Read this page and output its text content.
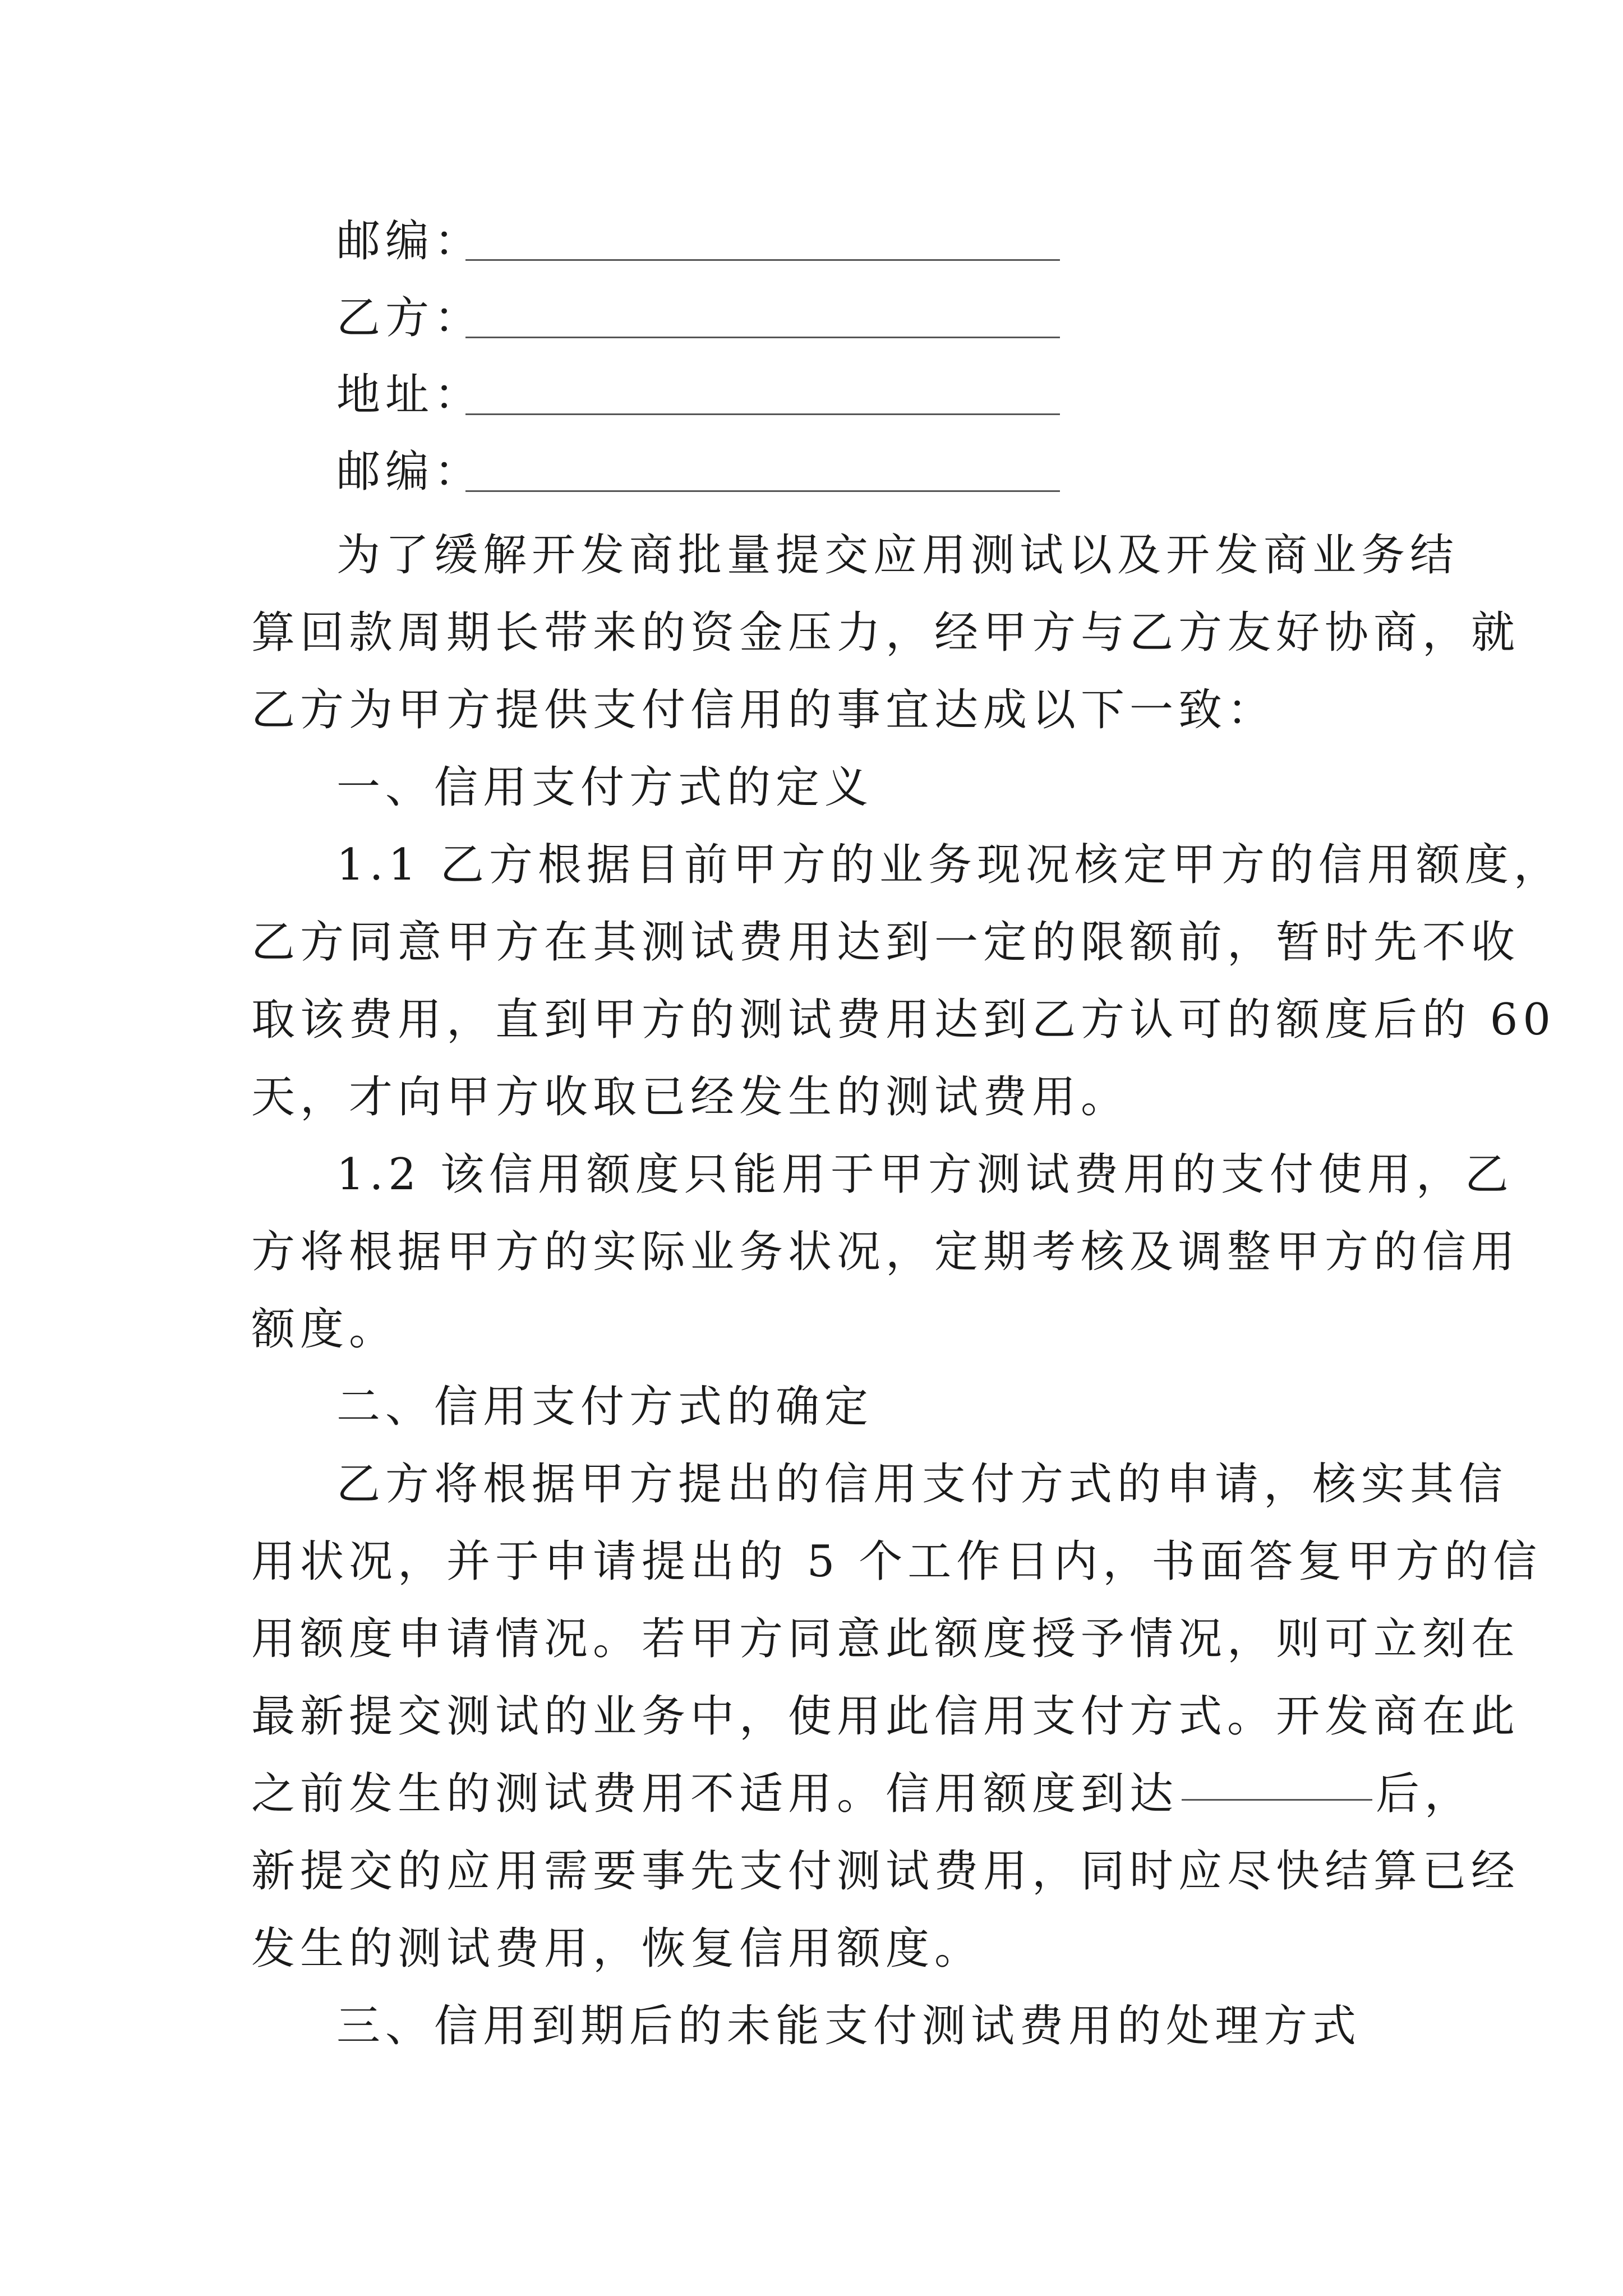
邮编：
乙方：
地址：
邮编：
为了缓解开发商批量提交应用测试以及开发商业务结
算回款周期长带来的资金压力，经甲方与乙方友好协商，就
乙方为甲方提供支付信用的事宜达成以下一致：
一、信用支付方式的定义
1.1 乙方根据目前甲方的业务现况核定甲方的信用额度，
乙方同意甲方在其测试费用达到一定的限额前，暂时先不收
取该费用，直到甲方的测试费用达到乙方认可的额度后的 60
天，才向甲方收取已经发生的测试费用。
1.2 该信用额度只能用于甲方测试费用的支付使用，乙
方将根据甲方的实际业务状况，定期考核及调整甲方的信用
额度。
二、信用支付方式的确定
乙方将根据甲方提出的信用支付方式的申请，核实其信
用状况，并于申请提出的 5 个工作日内，书面答复甲方的信
用额度申请情况。若甲方同意此额度授予情况，则可立刻在
最新提交测试的业务中，使用此信用支付方式。开发商在此
之前发生的测试费用不适用。信用额度到达	后，
新提交的应用需要事先支付测试费用，同时应尽快结算已经
发生的测试费用，恢复信用额度。
三、信用到期后的未能支付测试费用的处理方式
